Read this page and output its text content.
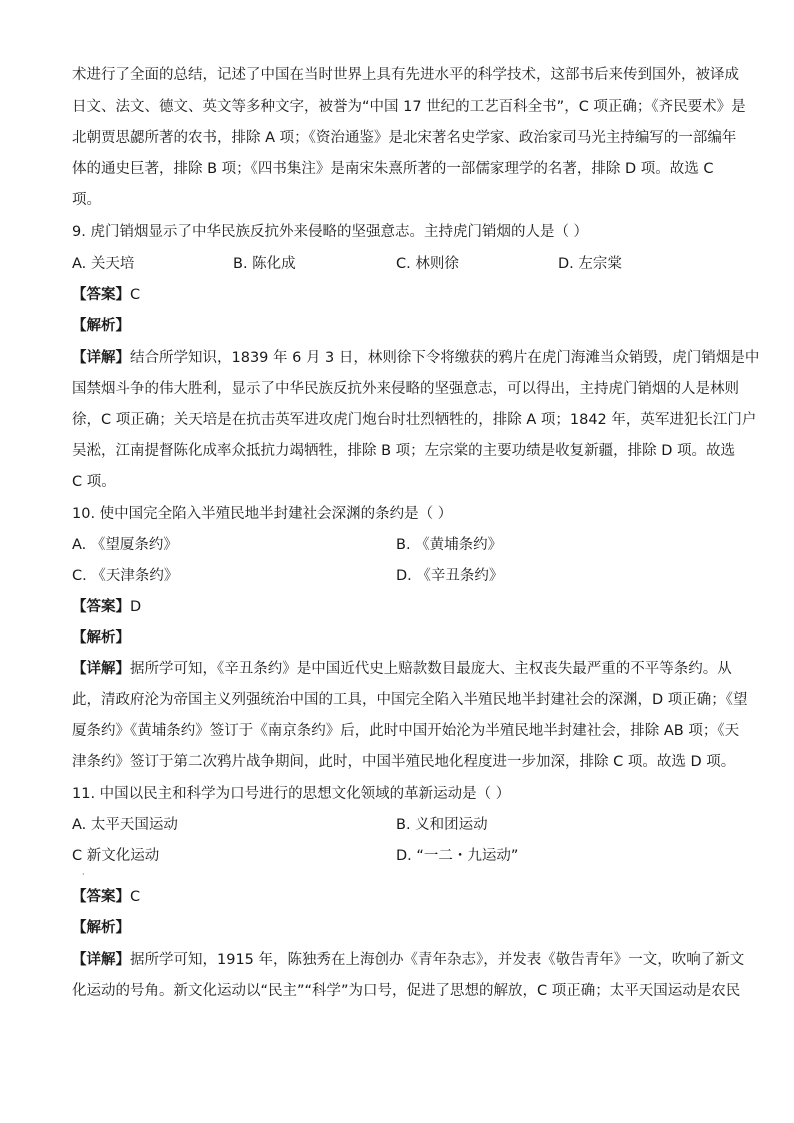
术进行了全面的总结，记述了中国在当时世界上具有先进水平的科学技术，这部书后来传到国外，被译成
日文、法文、德文、英文等多种文字，被誉为“中国 17 世纪的工艺百科全书”，C 项正确；《齐民要术》是
北朝贾思勰所著的农书，排除 A 项；《资治通鉴》是北宋著名史学家、政治家司马光主持编写的一部编年
体的通史巨著，排除 B 项；《四书集注》是南宋朱熹所著的一部儒家理学的名著，排除 D 项。故选 C
项。
9. 虎门销烟显示了中华民族反抗外来侵略的坚强意志。主持虎门销烟的人是（ ）
A. 关天培	B. 陈化成	C. 林则徐	D. 左宗棠
【答案】C
【解析】
【详解】结合所学知识，1839 年 6 月 3 日，林则徐下令将缴获的鸦片在虎门海滩当众销毁，虎门销烟是中
国禁烟斗争的伟大胜利，显示了中华民族反抗外来侵略的坚强意志，可以得出，主持虎门销烟的人是林则
徐，C 项正确；关天培是在抗击英军进攻虎门炮台时壮烈牺牲的，排除 A 项；1842 年，英军进犯长江门户
吴淞，江南提督陈化成率众抵抗力竭牺牲，排除 B 项；左宗棠的主要功绩是收复新疆，排除 D 项。故选
C 项。
10. 使中国完全陷入半殖民地半封建社会深渊的条约是（ ）
A. 《望厦条约》	B. 《黄埔条约》
C. 《天津条约》	D. 《辛丑条约》
【答案】D
【解析】
【详解】据所学可知，《辛丑条约》是中国近代史上赔款数目最庞大、主权丧失最严重的不平等条约。从
此，清政府沦为帝国主义列强统治中国的工具，中国完全陷入半殖民地半封建社会的深渊，D 项正确；《望
厦条约》《黄埔条约》签订于《南京条约》后，此时中国开始沦为半殖民地半封建社会，排除 AB 项；《天
津条约》签订于第二次鸦片战争期间，此时，中国半殖民地化程度进一步加深，排除 C 项。故选 D 项。
11. 中国以民主和科学为口号进行的思想文化领域的革新运动是（ ）
A. 太平天国运动	B. 义和团运动
C 新文化运动	D. “一二・九运动”
·
【答案】C
【解析】
【详解】据所学可知，1915 年，陈独秀在上海创办《青年杂志》，并发表《敬告青年》一文，吹响了新文
化运动的号角。新文化运动以“民主”“科学”为口号，促进了思想的解放，C 项正确；太平天国运动是农民
